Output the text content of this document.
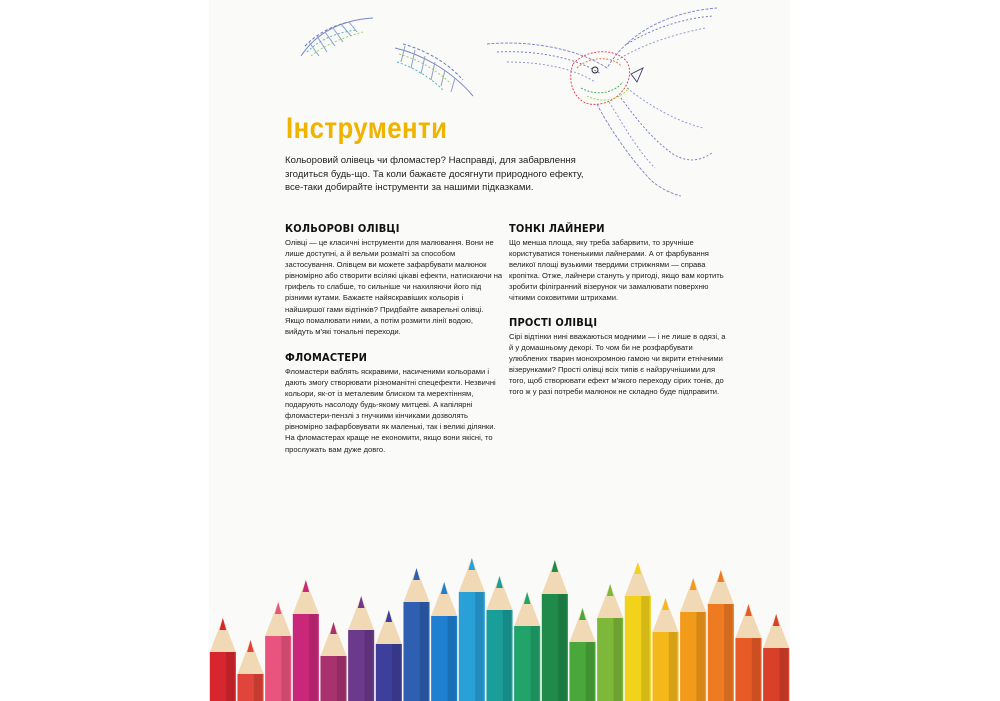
Інструменти

Кольоровий олівець чи фломастер? Насправді, для забарвлення згодиться будь-що. Та коли бажаєте досягнути природного ефекту, все-таки добирайте інструменти за нашими підказками.

КОЛЬОРОВІ ОЛІВЦІ

Олівці — це класичні інструменти для малювання. Вони не лише доступні, а й вельми розмаїті за способом застосування. Олівцем ви можете зафарбувати малюнок рівномірно або створити всілякі цікаві ефекти, натискаючи на грифель то слабше, то сильніше чи нахиляючи його під різними кутами. Бажаєте найяскравіших кольорів і найширшої гами відтінків? Придбайте акварельні олівці. Якщо помалювати ними, а потім розмити лінії водою, вийдуть м'які тональні переходи.

ФЛОМАСТЕРИ

Фломастери ваблять яскравими, насиченими кольорами і дають змогу створювати різноманітні спецефекти. Незвичні кольори, як-от із металевим блиском та мерехтінням, подарують насолоду будь-якому митцеві. А капілярні фломастери-пензлі з гнучкими кінчиками дозволять рівномірно зафарбовувати як маленькі, так і великі ділянки. На фломастерах краще не економити, якщо вони якісні, то прослужать вам дуже довго.

ТОНКІ ЛАЙНЕРИ

Що менша площа, яку треба забарвити, то зручніше користуватися тоненькими лайнерами. А от фарбування великої площі вузькими твердими стрижнями — справа кропітка. Отже, лайнери стануть у пригоді, якщо вам кортить зробити філігранний візерунок чи замалювати поверхню чіткими соковитими штрихами.

ПРОСТІ ОЛІВЦІ

Сірі відтінки нині вважаються модними — і не лише в одязі, а й у домашньому декорі. То чом би не розфарбувати улюблених тварин монохромною гамою чи вкрити етнічними візерунками? Прості олівці всіх типів є найзручнішими для того, щоб створювати ефект м'якого переходу сірих тонів, до того ж у разі потреби малюнок не складно буде підправити.
